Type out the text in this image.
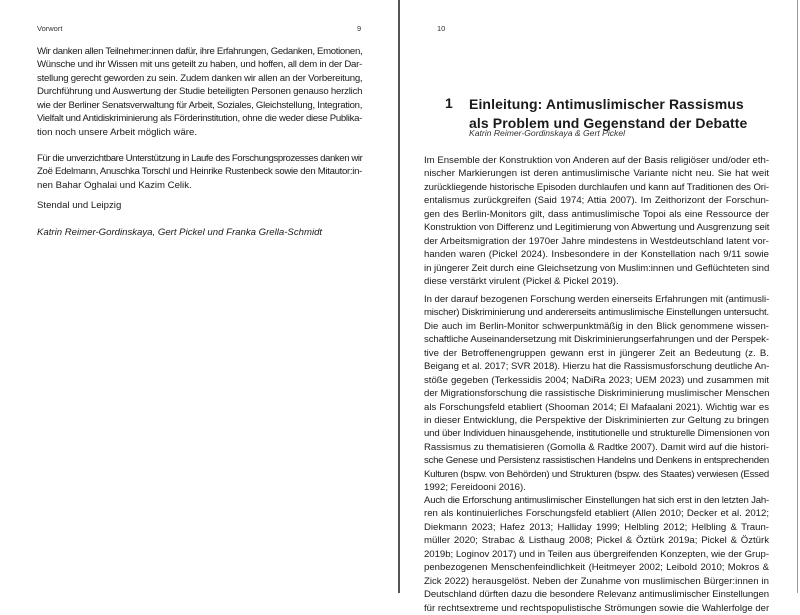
Vorwort	9
Wir danken allen Teilnehmer:innen dafür, ihre Erfahrungen, Gedanken, Emotionen,
Wünsche und ihr Wissen mit uns geteilt zu haben, und hoffen, all dem in der Dar-
stellung gerecht geworden zu sein. Zudem danken wir allen an der Vorbereitung,
Durchführung und Auswertung der Studie beteiligten Personen genauso herzlich
wie der Berliner Senatsverwaltung für Arbeit, Soziales, Gleichstellung, Integration,
Vielfalt und Antidiskriminierung als Förderinstitution, ohne die weder diese Publika-
tion noch unsere Arbeit möglich wäre.
Für die unverzichtbare Unterstützung in Laufe des Forschungsprozesses danken wir
Zoë Edelmann, Anuschka Torschl und Heinrike Rustenbeck sowie den Mitautor:in-
nen Bahar Oghalai und Kazim Celik.
Stendal und Leipzig
Katrin Reimer-Gordinskaya, Gert Pickel und Franka Grella-Schmidt
10
1 Einleitung: Antimuslimischer Rassismus
als Problem und Gegenstand der Debatte
Katrin Reimer-Gordinskaya & Gert Pickel
Im Ensemble der Konstruktion von Anderen auf der Basis religiöser und/oder eth-
nischer Markierungen ist deren antimuslimische Variante nicht neu. Sie hat weit
zurückliegende historische Episoden durchlaufen und kann auf Traditionen des Ori-
entalismus zurückgreifen (Said 1974; Attia 2007). Im Zeithorizont der Forschun-
gen des Berlin-Monitors gilt, dass antimuslimische Topoi als eine Ressource der
Konstruktion von Differenz und Legitimierung von Abwertung und Ausgrenzung seit
der Arbeitsmigration der 1970er Jahre mindestens in Westdeutschland latent vor-
handen waren (Pickel 2024). Insbesondere in der Konstellation nach 9/11 sowie
in jüngerer Zeit durch eine Gleichsetzung von Muslim:innen und Geflüchteten sind
diese verstärkt virulent (Pickel & Pickel 2019).
In der darauf bezogenen Forschung werden einerseits Erfahrungen mit (antimusli-
mischer) Diskriminierung und andererseits antimuslimische Einstellungen untersucht.
Die auch im Berlin-Monitor schwerpunktmäßig in den Blick genommene wissen-
schaftliche Auseinandersetzung mit Diskriminierungserfahrungen und der Perspek-
tive der Betroffenengruppen gewann erst in jüngerer Zeit an Bedeutung (z. B.
Beigang et al. 2017; SVR 2018). Hierzu hat die Rassismusforschung deutliche An-
stöße gegeben (Terkessidis 2004; NaDiRa 2023; UEM 2023) und zusammen mit
der Migrationsforschung die rassistische Diskriminierung muslimischer Menschen
als Forschungsfeld etabliert (Shooman 2014; El Mafaalani 2021). Wichtig war es
in dieser Entwicklung, die Perspektive der Diskriminierten zur Geltung zu bringen
und über Individuen hinausgehende, institutionelle und strukturelle Dimensionen von
Rassismus zu thematisieren (Gomolla & Radtke 2007). Damit wird auf die histori-
sche Genese und Persistenz rassistischen Handelns und Denkens in entsprechenden
Kulturen (bspw. von Behörden) und Strukturen (bspw. des Staates) verwiesen (Essed
1992; Fereidooni 2016).
Auch die Erforschung antimuslimischer Einstellungen hat sich erst in den letzten Jah-
ren als kontinuierliches Forschungsfeld etabliert (Allen 2010; Decker et al. 2012;
Diekmann 2023; Hafez 2013; Halliday 1999; Helbling 2012; Helbling & Traun-
müller 2020; Strabac & Listhaug 2008; Pickel & Öztürk 2019a; Pickel & Öztürk
2019b; Loginov 2017) und in Teilen aus übergreifenden Konzepten, wie der Grup-
penbezogenen Menschenfeindlichkeit (Heitmeyer 2002; Leibold 2010; Mokros &
Zick 2022) herausgelöst. Neben der Zunahme von muslimischen Bürger:innen in
Deutschland dürften dazu die besondere Relevanz antimuslimischer Einstellungen
für rechtsextreme und rechtspopulistische Strömungen sowie die Wahlerfolge der
